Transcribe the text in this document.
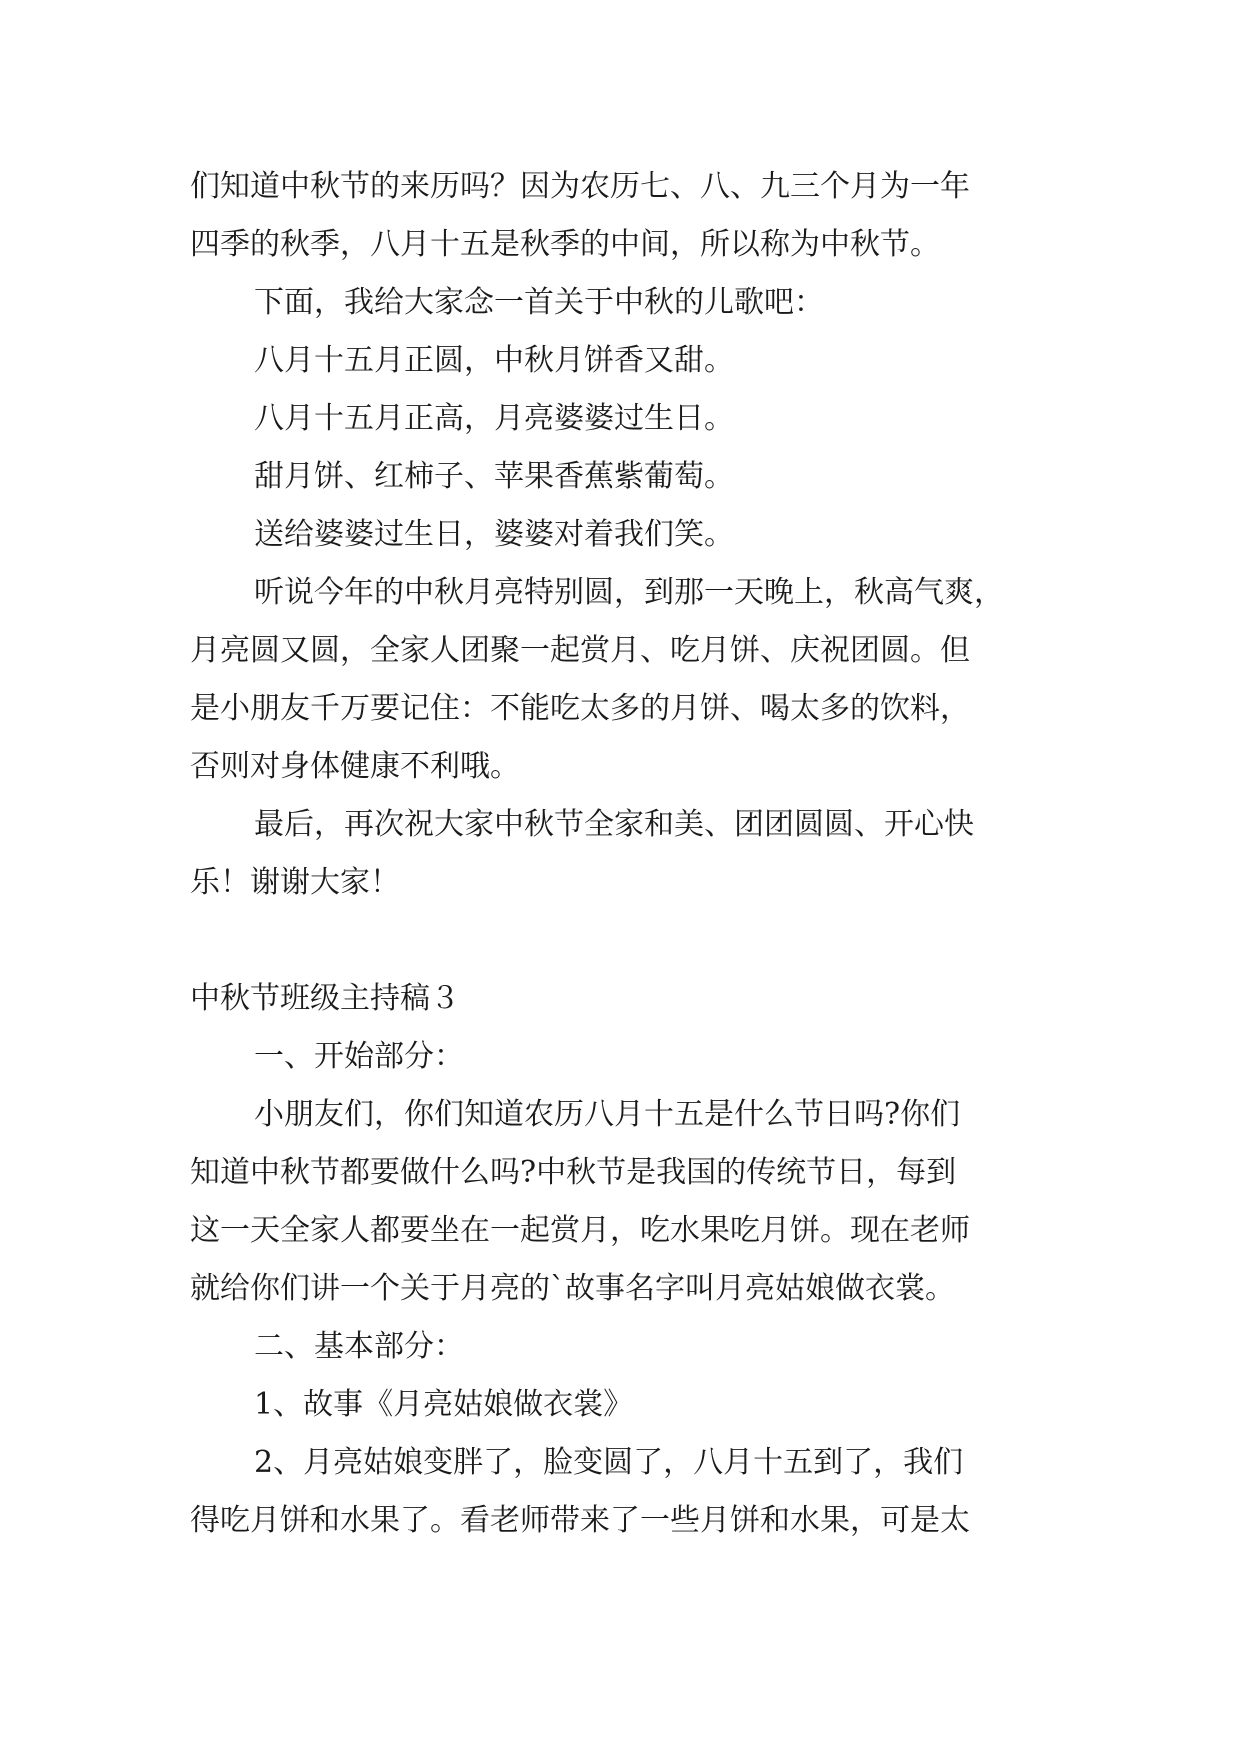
们知道中秋节的来历吗？因为农历七、八、九三个月为一年
四季的秋季，八月十五是秋季的中间，所以称为中秋节。
下面，我给大家念一首关于中秋的儿歌吧：
八月十五月正圆，中秋月饼香又甜。
八月十五月正高，月亮婆婆过生日。
甜月饼、红柿子、苹果香蕉紫葡萄。
送给婆婆过生日，婆婆对着我们笑。
听说今年的中秋月亮特别圆，到那一天晚上，秋高气爽，
月亮圆又圆，全家人团聚一起赏月、吃月饼、庆祝团圆。但
是小朋友千万要记住：不能吃太多的月饼、喝太多的饮料，
否则对身体健康不利哦。
最后，再次祝大家中秋节全家和美、团团圆圆、开心快
乐！谢谢大家！
中秋节班级主持稿３
一、开始部分：
小朋友们，你们知道农历八月十五是什么节日吗?你们
知道中秋节都要做什么吗?中秋节是我国的传统节日，每到
这一天全家人都要坐在一起赏月，吃水果吃月饼。现在老师
就给你们讲一个关于月亮的`故事名字叫月亮姑娘做衣裳。
二、基本部分：
1、故事《月亮姑娘做衣裳》
2、月亮姑娘变胖了，脸变圆了，八月十五到了，我们
得吃月饼和水果了。看老师带来了一些月饼和水果，可是太
